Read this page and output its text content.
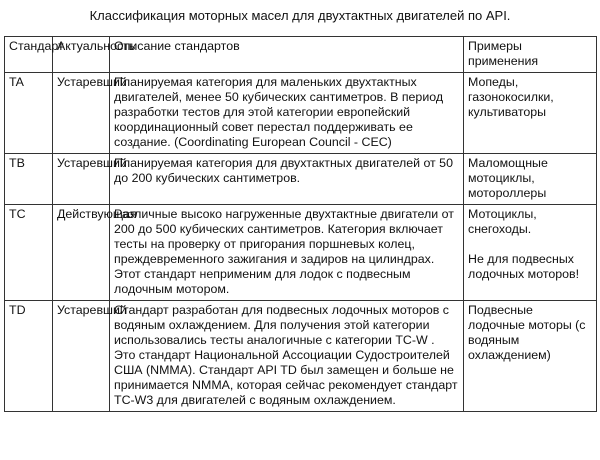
Классификация моторных масел для двухтактных двигателей по API.
Стандарт	Актуальность	Описание стандартов	Примеры применения
TA	Устаревший	Планируемая категория для маленьких двухтактных двигателей, менее 50 кубических сантиметров. В период разработки тестов для этой категории европейский координационный совет перестал поддерживать ее создание. (Coordinating European Council - CEC)	Мопеды, газонокосилки, культиваторы

TB	Устаревший	Планируемая категория для двухтактных двигателей от 50 до 200 кубических сантиметров.	Маломощные мотоциклы, мотороллеры

TC	Действующая	Различные высоко нагруженные двухтактные двигатели от 200 до 500 кубических сантиметров. Категория включает тесты на проверку от пригорания поршневых колец, преждевременного зажигания и задиров на цилиндрах. Этот стандарт неприменим для лодок с подвесным лодочным мотором.	Мотоциклы, снегоходы.
Не для подвесных лодочных моторов!

TD	Устаревший	Стандарт разработан для подвесных лодочных моторов с водяным охлаждением. Для получения этой категории использовались тесты аналогичные с категории TC-W . Это стандарт Национальной Ассоциации Судостроителей США (NMMA). Стандарт API TD был замещен и больше не принимается NMMA, которая сейчас рекомендует стандарт TC-W3 для двигателей с водяным охлаждением.	Подвесные лодочные моторы (с водяным охлаждением)
